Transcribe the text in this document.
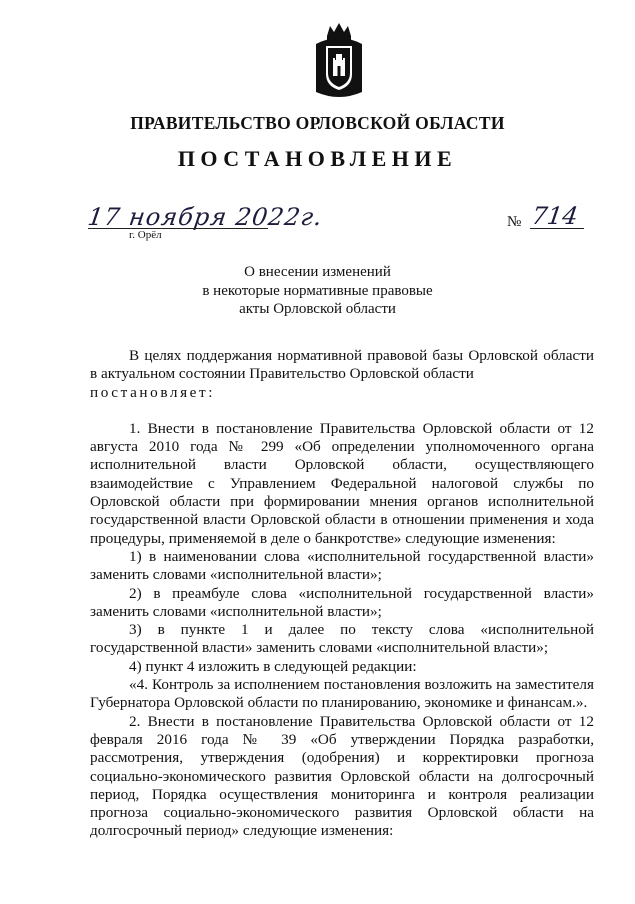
ПРАВИТЕЛЬСТВО ОРЛОВСКОЙ ОБЛАСТИ
ПОСТАНОВЛЕНИЕ
17 ноября 2022г.
г. Орёл
№ 714
О внесении изменений
в некоторые нормативные правовые
акты Орловской области

В целях поддержания нормативной правовой базы Орловской области в актуальном состоянии Правительство Орловской области

постановляет:

1. Внести в постановление Правительства Орловской области от 12 августа 2010 года № 299 «Об определении уполномоченного органа исполнительной власти Орловской области, осуществляющего взаимодействие с Управлением Федеральной налоговой службы по Орловской области при формировании мнения органов исполнительной государственной власти Орловской области в отношении применения и хода процедуры, применяемой в деле о банкротстве» следующие изменения:

1) в наименовании слова «исполнительной государственной власти» заменить словами «исполнительной власти»;

2) в преамбуле слова «исполнительной государственной власти» заменить словами «исполнительной власти»;

3) в пункте 1 и далее по тексту слова «исполнительной государственной власти» заменить словами «исполнительной власти»;

4) пункт 4 изложить в следующей редакции:

«4. Контроль за исполнением постановления возложить на заместителя Губернатора Орловской области по планированию, экономике и финансам.».

2. Внести в постановление Правительства Орловской области от 12 февраля 2016 года № 39 «Об утверждении Порядка разработки, рассмотрения, утверждения (одобрения) и корректировки прогноза социально-экономического развития Орловской области на долгосрочный период, Порядка осуществления мониторинга и контроля реализации прогноза социально-экономического развития Орловской области на долгосрочный период» следующие изменения:
